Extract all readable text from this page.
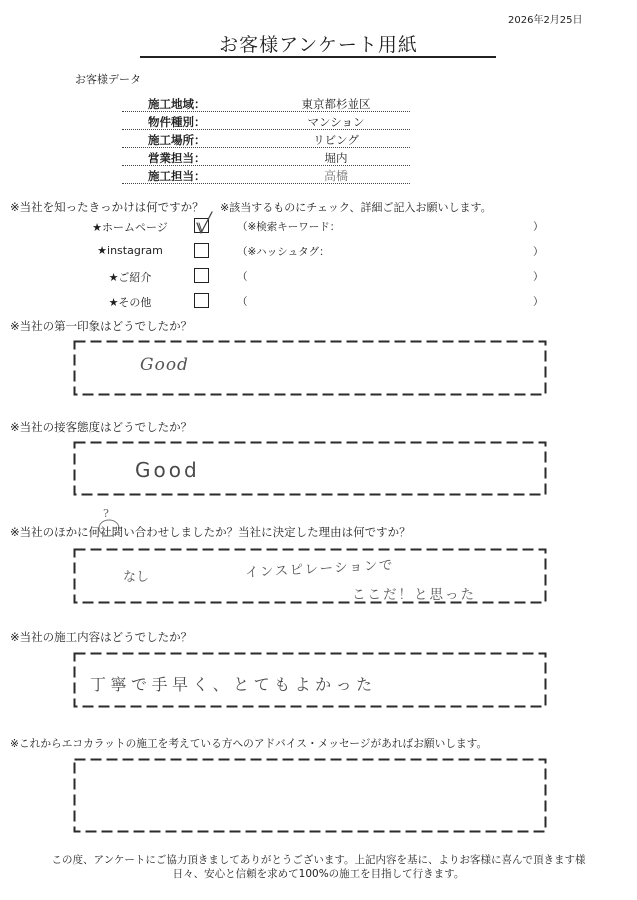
2026年2月25日
お客様アンケート用紙
お客様データ
施工地域：	東京都杉並区
物件種別：	マンション
施工場所：	リビング
営業担当：	堀内
施工担当：	高橋
※当社を知ったきっかけは何ですか？ ※該当するものにチェック、詳細ご記入お願いします。
★ホームページ	（※検索キーワード：	）
★instagram	（※ハッシュタグ：	）
★ご紹介	（	）
★その他	（	）
※当社の第一印象はどうでしたか？
Good
※当社の接客態度はどうでしたか？
Good
※当社のほかに何社問い合わせしましたか？当社に決定した理由は何ですか？
?
なし	インスピレーションで
ここだ！と思った
※当社の施工内容はどうでしたか？
丁寧で手早く、とてもよかった
※これからエコカラットの施工を考えている方へのアドバイス・メッセージがあればお願いします。
この度、アンケートにご協力頂きましてありがとうございます。上記内容を基に、よりお客様に喜んで頂きます様
日々、安心と信頼を求めて100%の施工を目指して行きます。
